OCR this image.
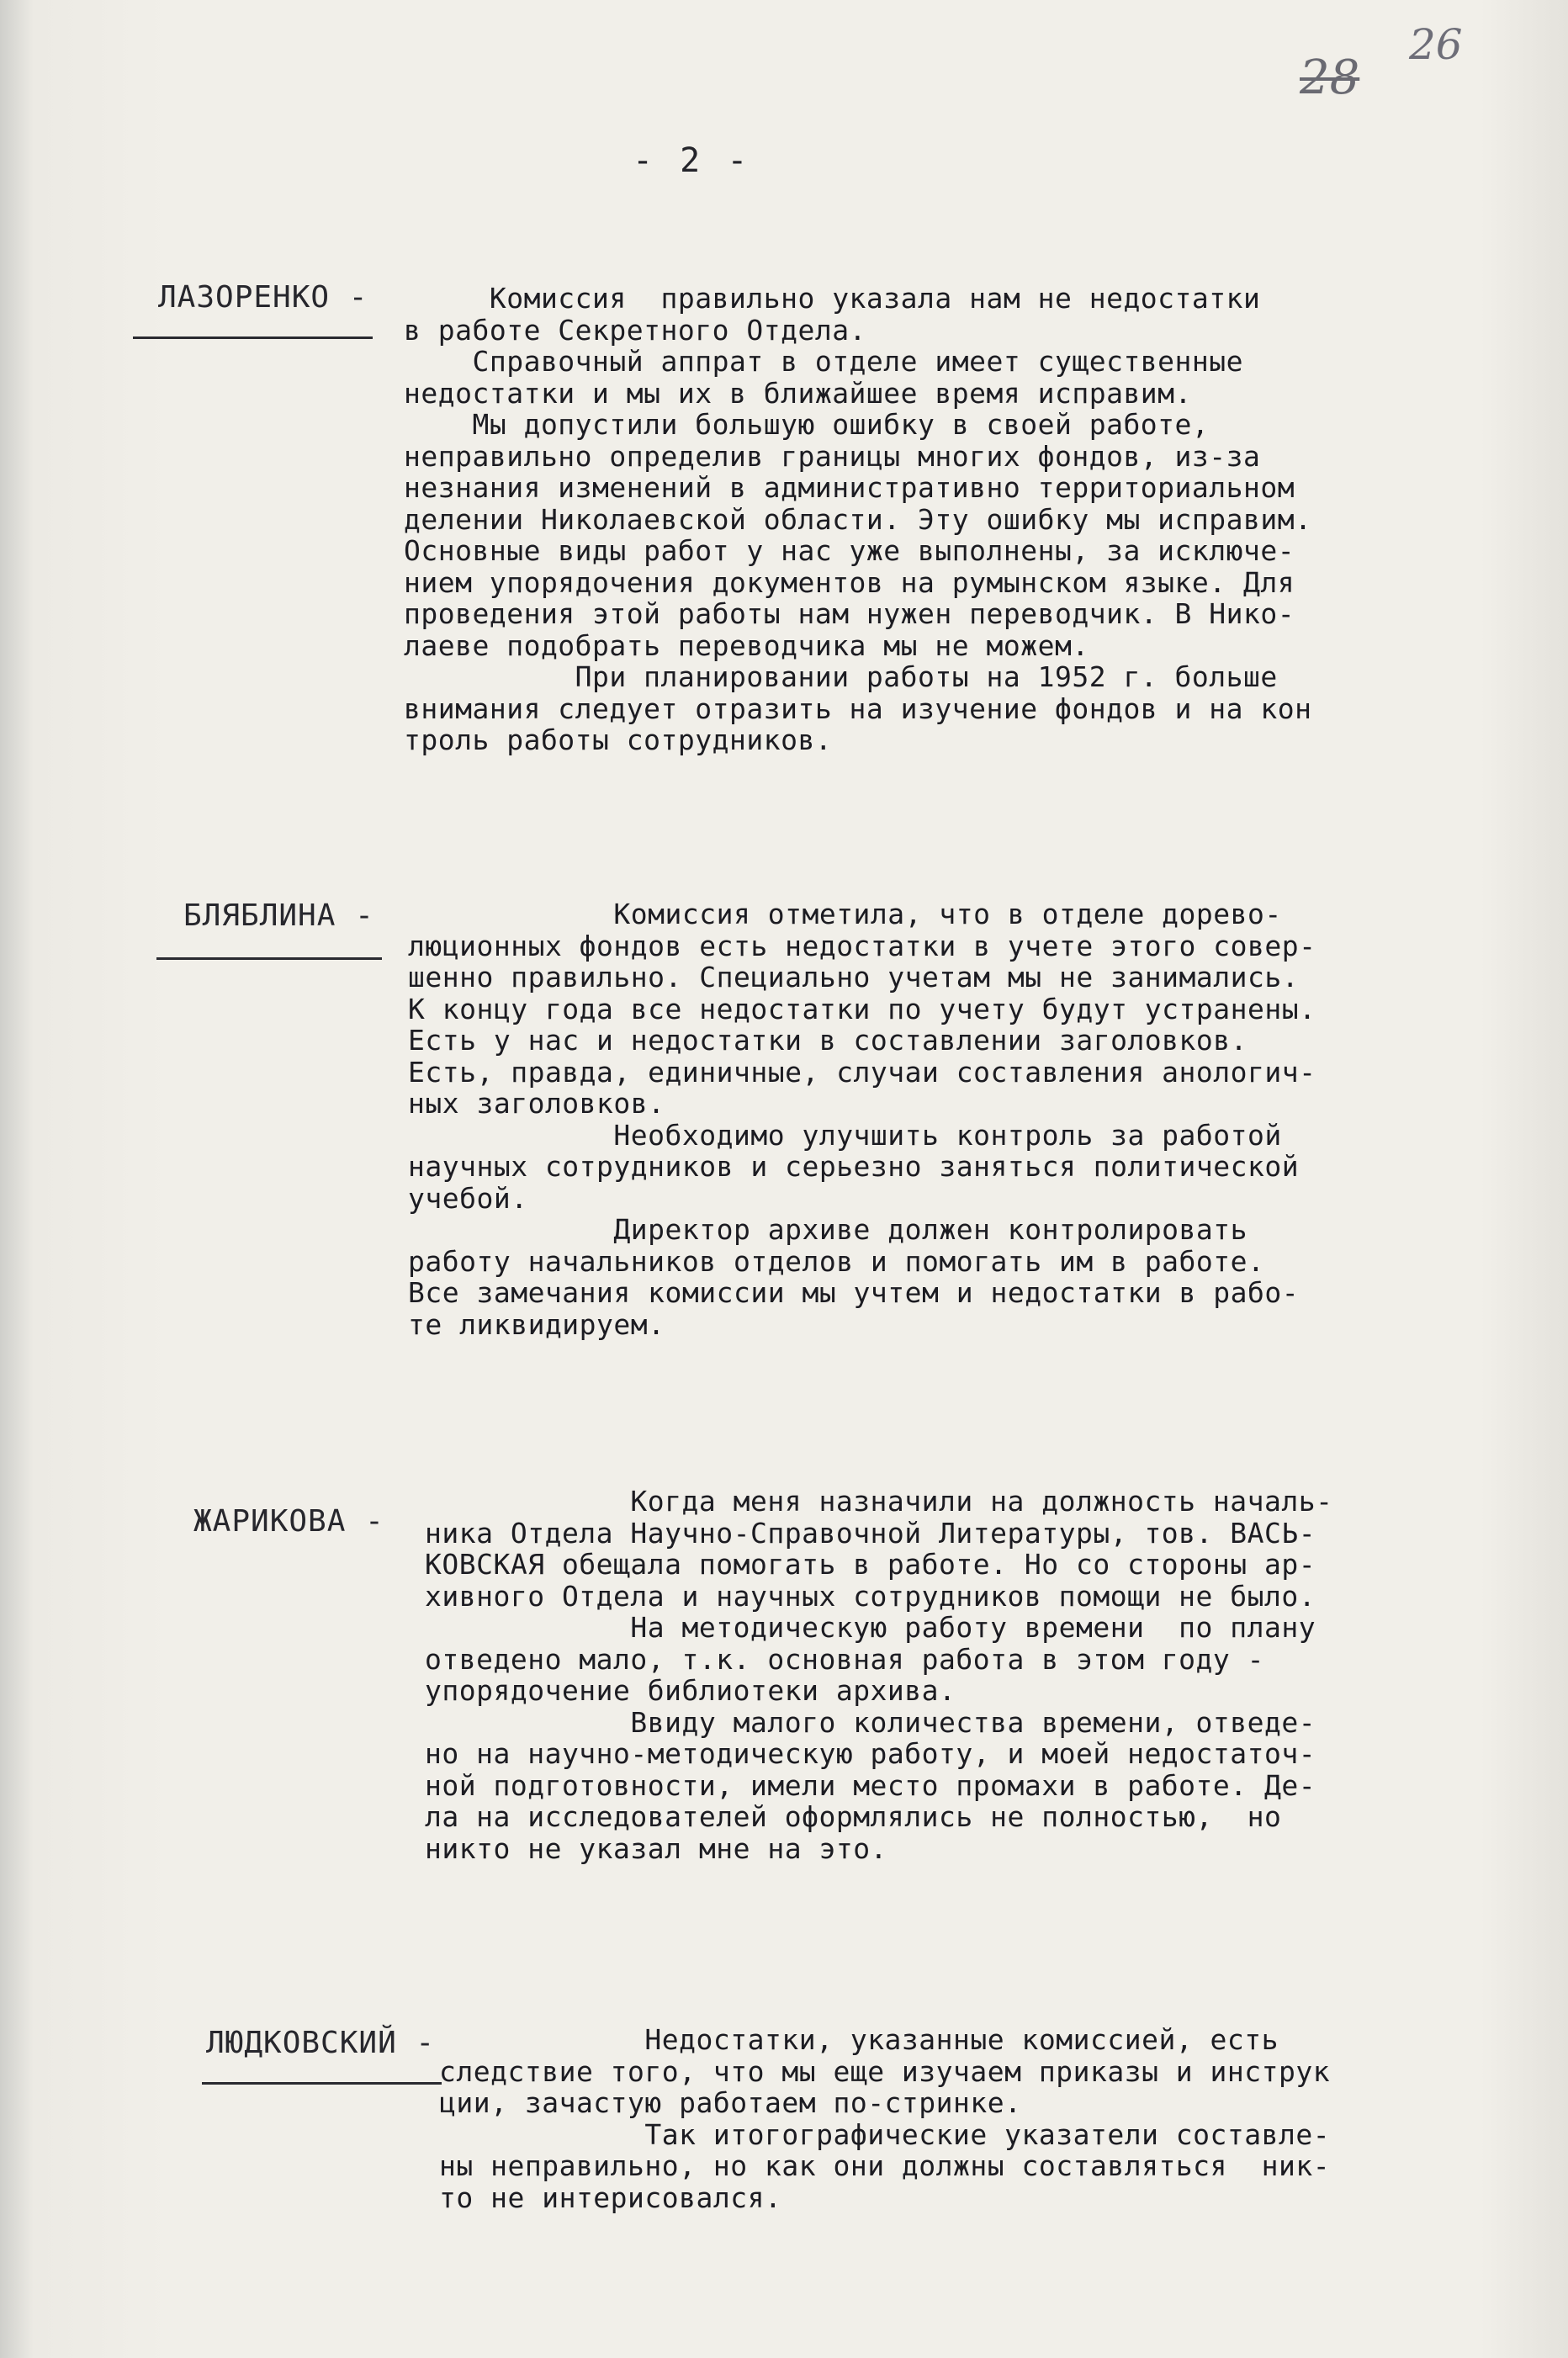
26
28
- 2 -
ЛАЗОРЕНКО - Комиссия  правильно указала нам не недостатки
в работе Секретного Отдела.
Справочный аппрат в отделе имеет существенные
недостатки и мы их в ближайшее время исправим.
Мы допустили большую ошибку в своей работе,
неправильно определив границы многих фондов, из-за
незнания изменений в административно территориальном
делении Николаевской области. Эту ошибку мы исправим.
Основные виды работ у нас уже выполнены, за исключе-
нием упорядочения документов на румынском языке. Для
проведения этой работы нам нужен переводчик. В Нико-
лаеве подобрать переводчика мы не можем.
При планировании работы на 1952 г. больше
внимания следует отразить на изучение фондов и на кон
троль работы сотрудников.
БЛЯБЛИНА - Комиссия отметила, что в отделе дорево-
люционных фондов есть недостатки в учете этого совер-
шенно правильно. Специально учетам мы не занимались.
К концу года все недостатки по учету будут устранены.
Есть у нас и недостатки в составлении заголовков.
Есть, правда, единичные, случаи составления анологич-
ных заголовков.
Необходимо улучшить контроль за работой
научных сотрудников и серьезно заняться политической
учебой.
Директор архиве должен контролировать
работу начальников отделов и помогать им в работе.
Все замечания комиссии мы учтем и недостатки в рабо-
те ликвидируем.
ЖАРИКОВА -
Когда меня назначили на должность началь-
ника Отдела Научно-Справочной Литературы, тов. ВАСЬ-
КОВСКАЯ обещала помогать в работе. Но со стороны ар-
хивного Отдела и научных сотрудников помощи не было.
На методическую работу времени  по плану
отведено мало, т.к. основная работа в этом году -
упорядочение библиотеки архива.
Ввиду малого количества времени, отведе-
но на научно-методическую работу, и моей недостаточ-
ной подготовности, имели место промахи в работе. Де-
ла на исследователей оформлялись не полностью,  но
никто не указал мне на это.
ЛЮДКОВСКИЙ - Недостатки, указанные комиссией, есть
следствие того, что мы еще изучаем приказы и инструк
ции, зачастую работаем по-стринке.
Так итогографические указатели составле-
ны неправильно, но как они должны составляться  ник-
то не интерисовался.
